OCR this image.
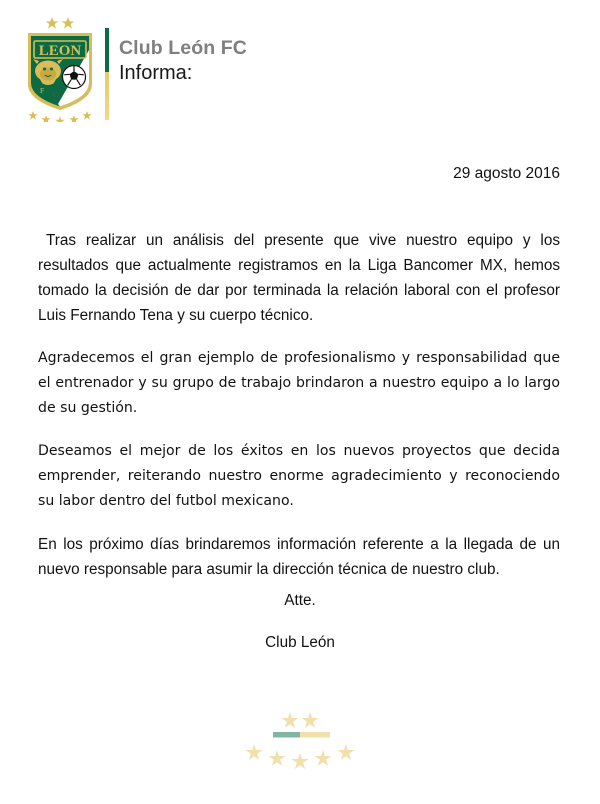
LEON
F C
Club León FC
Informa:
29 agosto 2016

Tras realizar un análisis del presente que vive nuestro equipo y los resultados que actualmente registramos en la Liga Bancomer MX, hemos tomado la decisión de dar por terminada la relación laboral con el profesor Luis Fernando Tena y su cuerpo técnico.

Agradecemos el gran ejemplo de profesionalismo y responsabilidad que el entrenador y su grupo de trabajo brindaron a nuestro equipo a lo largo de su gestión.

Deseamos el mejor de los éxitos en los nuevos proyectos que decida emprender, reiterando nuestro enorme agradecimiento y reconociendo su labor dentro del futbol mexicano.

En los próximo días brindaremos información referente a la llegada de un nuevo responsable para asumir la dirección técnica de nuestro club.

Atte.
Club León
